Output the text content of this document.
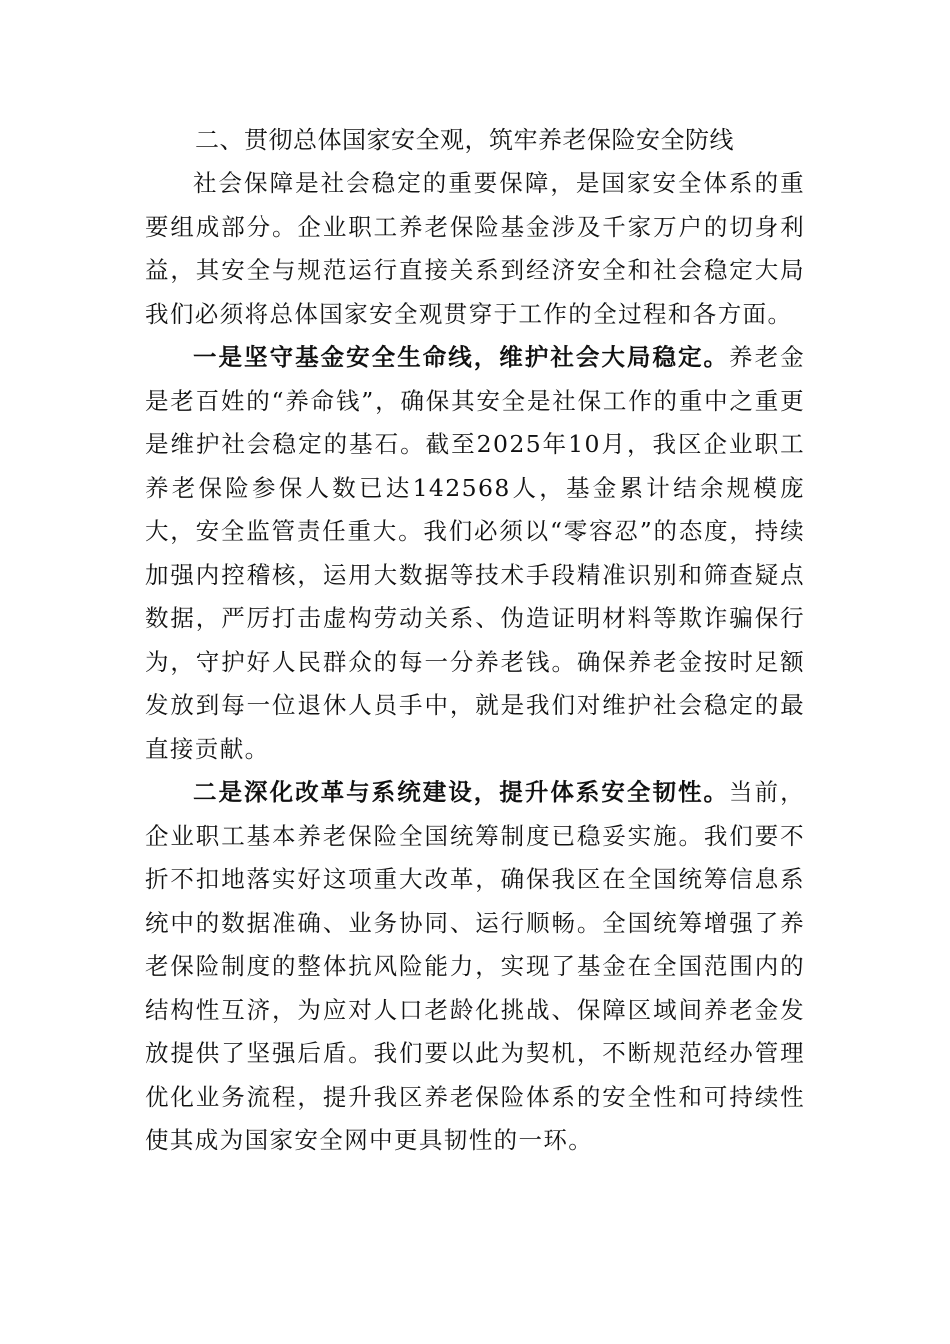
二、贯彻总体国家安全观，筑牢养老保险安全防线

社会保障是社会稳定的重要保障，是国家安全体系的重要组成部分。企业职工养老保险基金涉及千家万户的切身利益，其安全与规范运行直接关系到经济安全和社会稳定大局我们必须将总体国家安全观贯穿于工作的全过程和各方面。

一是坚守基金安全生命线，维护社会大局稳定。养老金是老百姓的“养命钱”，确保其安全是社保工作的重中之重更是维护社会稳定的基石。截至2025年10月，我区企业职工养老保险参保人数已达142568人，基金累计结余规模庞大，安全监管责任重大。我们必须以“零容忍”的态度，持续加强内控稽核，运用大数据等技术手段精准识别和筛查疑点数据，严厉打击虚构劳动关系、伪造证明材料等欺诈骗保行为，守护好人民群众的每一分养老钱。确保养老金按时足额发放到每一位退休人员手中，就是我们对维护社会稳定的最直接贡献。

二是深化改革与系统建设，提升体系安全韧性。当前，企业职工基本养老保险全国统筹制度已稳妥实施。我们要不折不扣地落实好这项重大改革，确保我区在全国统筹信息系统中的数据准确、业务协同、运行顺畅。全国统筹增强了养老保险制度的整体抗风险能力，实现了基金在全国范围内的结构性互济，为应对人口老龄化挑战、保障区域间养老金发放提供了坚强后盾。我们要以此为契机，不断规范经办管理优化业务流程，提升我区养老保险体系的安全性和可持续性使其成为国家安全网中更具韧性的一环。
